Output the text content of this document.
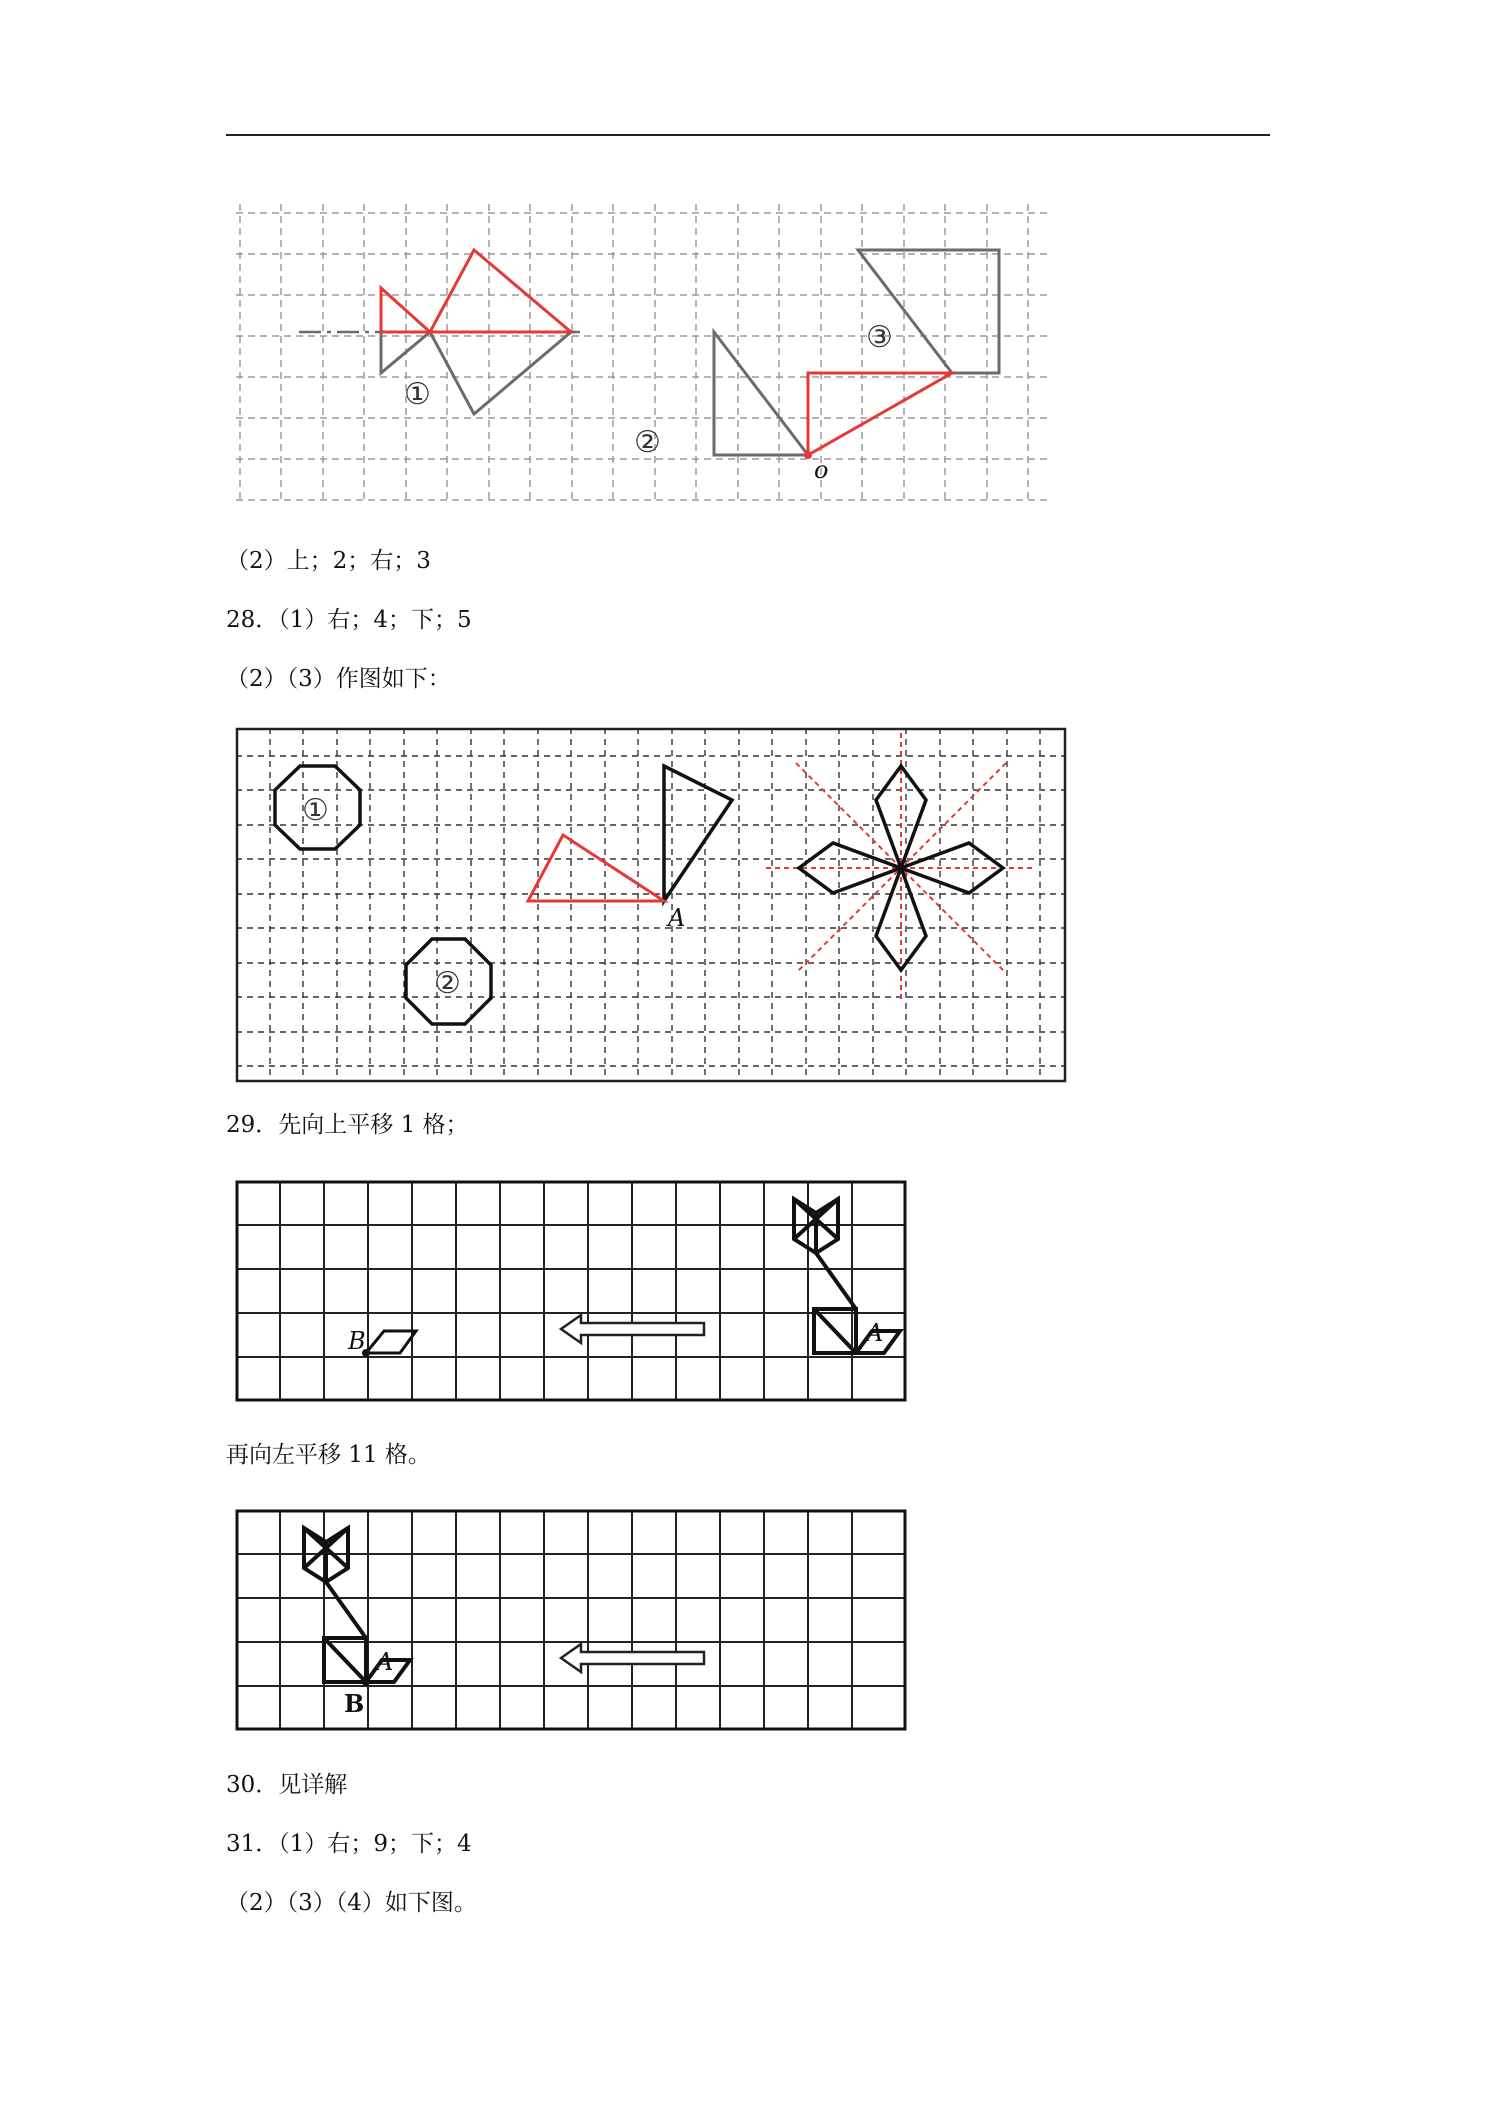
①
②
③
o
（2）上；2；右；3
28．（1）右；4；下；5
（2）（3）作图如下：
①
②
A
29．先向上平移 1 格；
A
B
再向左平移 11 格。
A
B
30．见详解
31．（1）右；9；下；4
（2）（3）（4）如下图。
